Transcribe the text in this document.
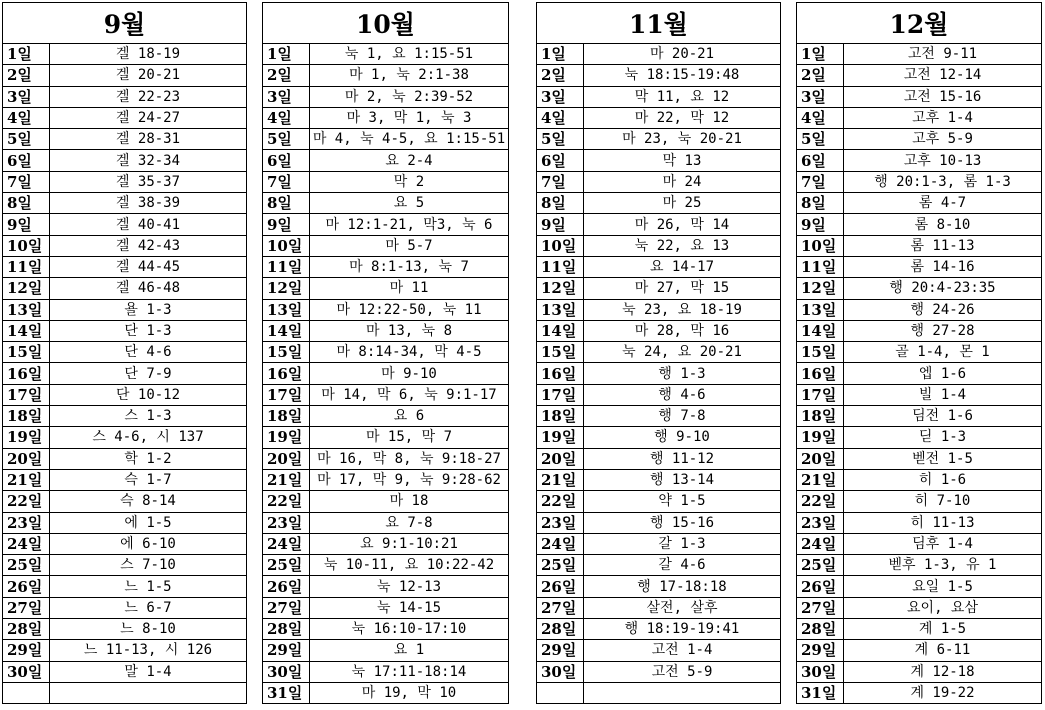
9월	
1일	겔 18-19
2일	겔 20-21
3일	겔 22-23
4일	겔 24-27
5일	겔 28-31
6일	겔 32-34
7일	겔 35-37
8일	겔 38-39
9일	겔 40-41
10일	겔 42-43
11일	겔 44-45
12일	겔 46-48
13일	욜 1-3
14일	단 1-3
15일	단 4-6
16일	단 7-9
17일	단 10-12
18일	스 1-3
19일	스 4-6, 시 137
20일	학 1-2
21일	슥 1-7
22일	슥 8-14
23일	에 1-5
24일	에 6-10
25일	스 7-10
26일	느 1-5
27일	느 6-7
28일	느 8-10
29일	느 11-13, 시 126
30일	말 1-4

10월	
1일	눅 1, 요 1:15-51
2일	마 1, 눅 2:1-38
3일	마 2, 눅 2:39-52
4일	마 3, 막 1, 눅 3
5일	마 4, 눅 4-5, 요 1:15-51
6일	요 2-4
7일	막 2
8일	요 5
9일	마 12:1-21, 막3, 눅 6
10일	마 5-7
11일	마 8:1-13, 눅 7
12일	마 11
13일	마 12:22-50, 눅 11
14일	마 13, 눅 8
15일	마 8:14-34, 막 4-5
16일	마 9-10
17일	마 14, 막 6, 눅 9:1-17
18일	요 6
19일	마 15, 막 7
20일	마 16, 막 8, 눅 9:18-27
21일	마 17, 막 9, 눅 9:28-62
22일	마 18
23일	요 7-8
24일	요 9:1-10:21
25일	눅 10-11, 요 10:22-42
26일	눅 12-13
27일	눅 14-15
28일	눅 16:10-17:10
29일	요 1
30일	눅 17:11-18:14
31일	마 19, 막 10
11월	
1일	마 20-21
2일	눅 18:15-19:48
3일	막 11, 요 12
4일	마 22, 막 12
5일	마 23, 눅 20-21
6일	막 13
7일	마 24
8일	마 25
9일	마 26, 막 14
10일	눅 22, 요 13
11일	요 14-17
12일	마 27, 막 15
13일	눅 23, 요 18-19
14일	마 28, 막 16
15일	눅 24, 요 20-21
16일	행 1-3
17일	행 4-6
18일	행 7-8
19일	행 9-10
20일	행 11-12
21일	행 13-14
22일	약 1-5
23일	행 15-16
24일	갈 1-3
25일	갈 4-6
26일	행 17-18:18
27일	살전, 살후
28일	행 18:19-19:41
29일	고전 1-4
30일	고전 5-9

12월	
1일	고전 9-11
2일	고전 12-14
3일	고전 15-16
4일	고후 1-4
5일	고후 5-9
6일	고후 10-13
7일	행 20:1-3, 롬 1-3
8일	롬 4-7
9일	롬 8-10
10일	롬 11-13
11일	롬 14-16
12일	행 20:4-23:35
13일	행 24-26
14일	행 27-28
15일	골 1-4, 몬 1
16일	엡 1-6
17일	빌 1-4
18일	딤전 1-6
19일	딛 1-3
20일	벧전 1-5
21일	히 1-6
22일	히 7-10
23일	히 11-13
24일	딤후 1-4
25일	벧후 1-3, 유 1
26일	요일 1-5
27일	요이, 요삼
28일	계 1-5
29일	계 6-11
30일	계 12-18
31일	계 19-22
